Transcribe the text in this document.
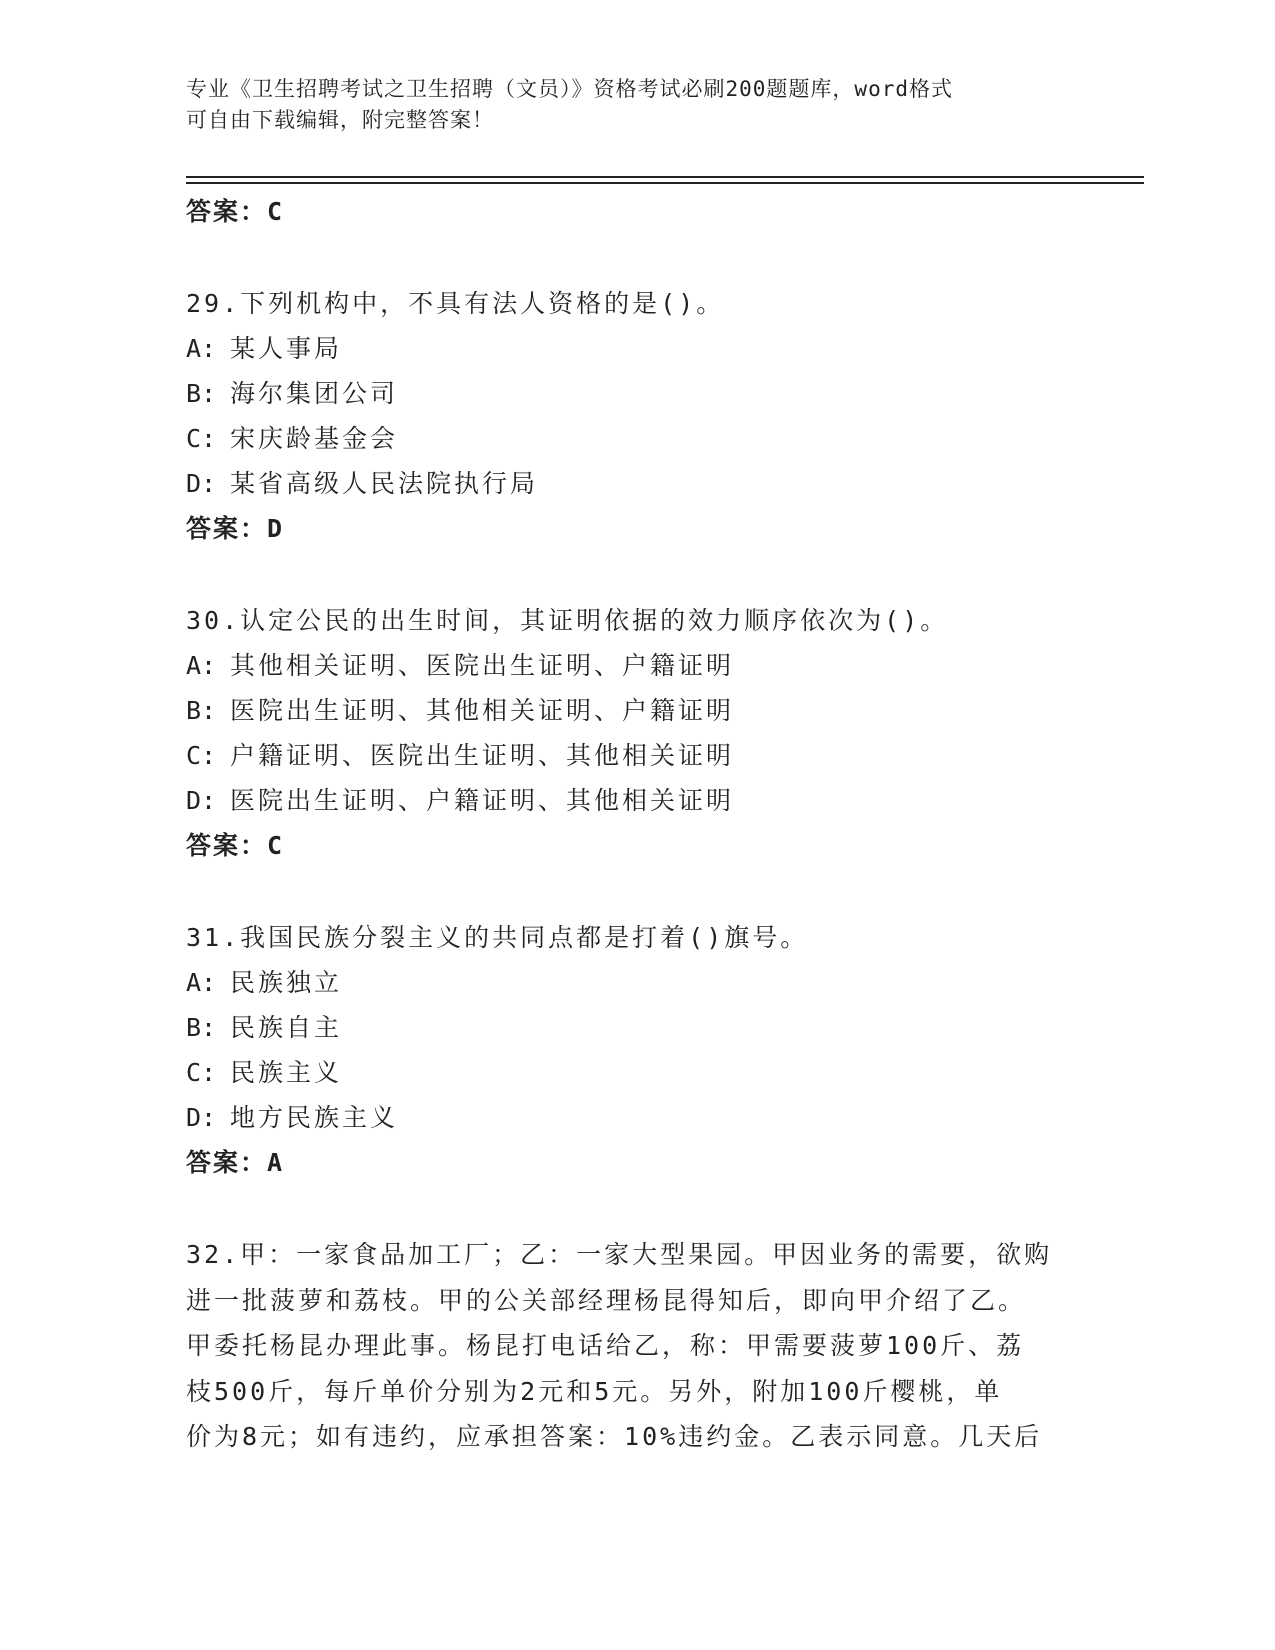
专业《卫生招聘考试之卫生招聘（文员）》资格考试必刷200题题库，word格式
可自由下载编辑，附完整答案！
答案：C
29.下列机构中，不具有法人资格的是()。
A: 某人事局
B: 海尔集团公司
C: 宋庆龄基金会
D: 某省高级人民法院执行局
答案：D
30.认定公民的出生时间，其证明依据的效力顺序依次为()。
A: 其他相关证明、医院出生证明、户籍证明
B: 医院出生证明、其他相关证明、户籍证明
C: 户籍证明、医院出生证明、其他相关证明
D: 医院出生证明、户籍证明、其他相关证明
答案：C
31.我国民族分裂主义的共同点都是打着()旗号。
A: 民族独立
B: 民族自主
C: 民族主义
D: 地方民族主义
答案：A
32.甲：一家食品加工厂；乙：一家大型果园。甲因业务的需要，欲购
进一批菠萝和荔枝。甲的公关部经理杨昆得知后，即向甲介绍了乙。
甲委托杨昆办理此事。杨昆打电话给乙，称：甲需要菠萝100斤、荔
枝500斤，每斤单价分别为2元和5元。另外，附加100斤樱桃，单
价为8元；如有违约，应承担答案：10%违约金。乙表示同意。几天后
